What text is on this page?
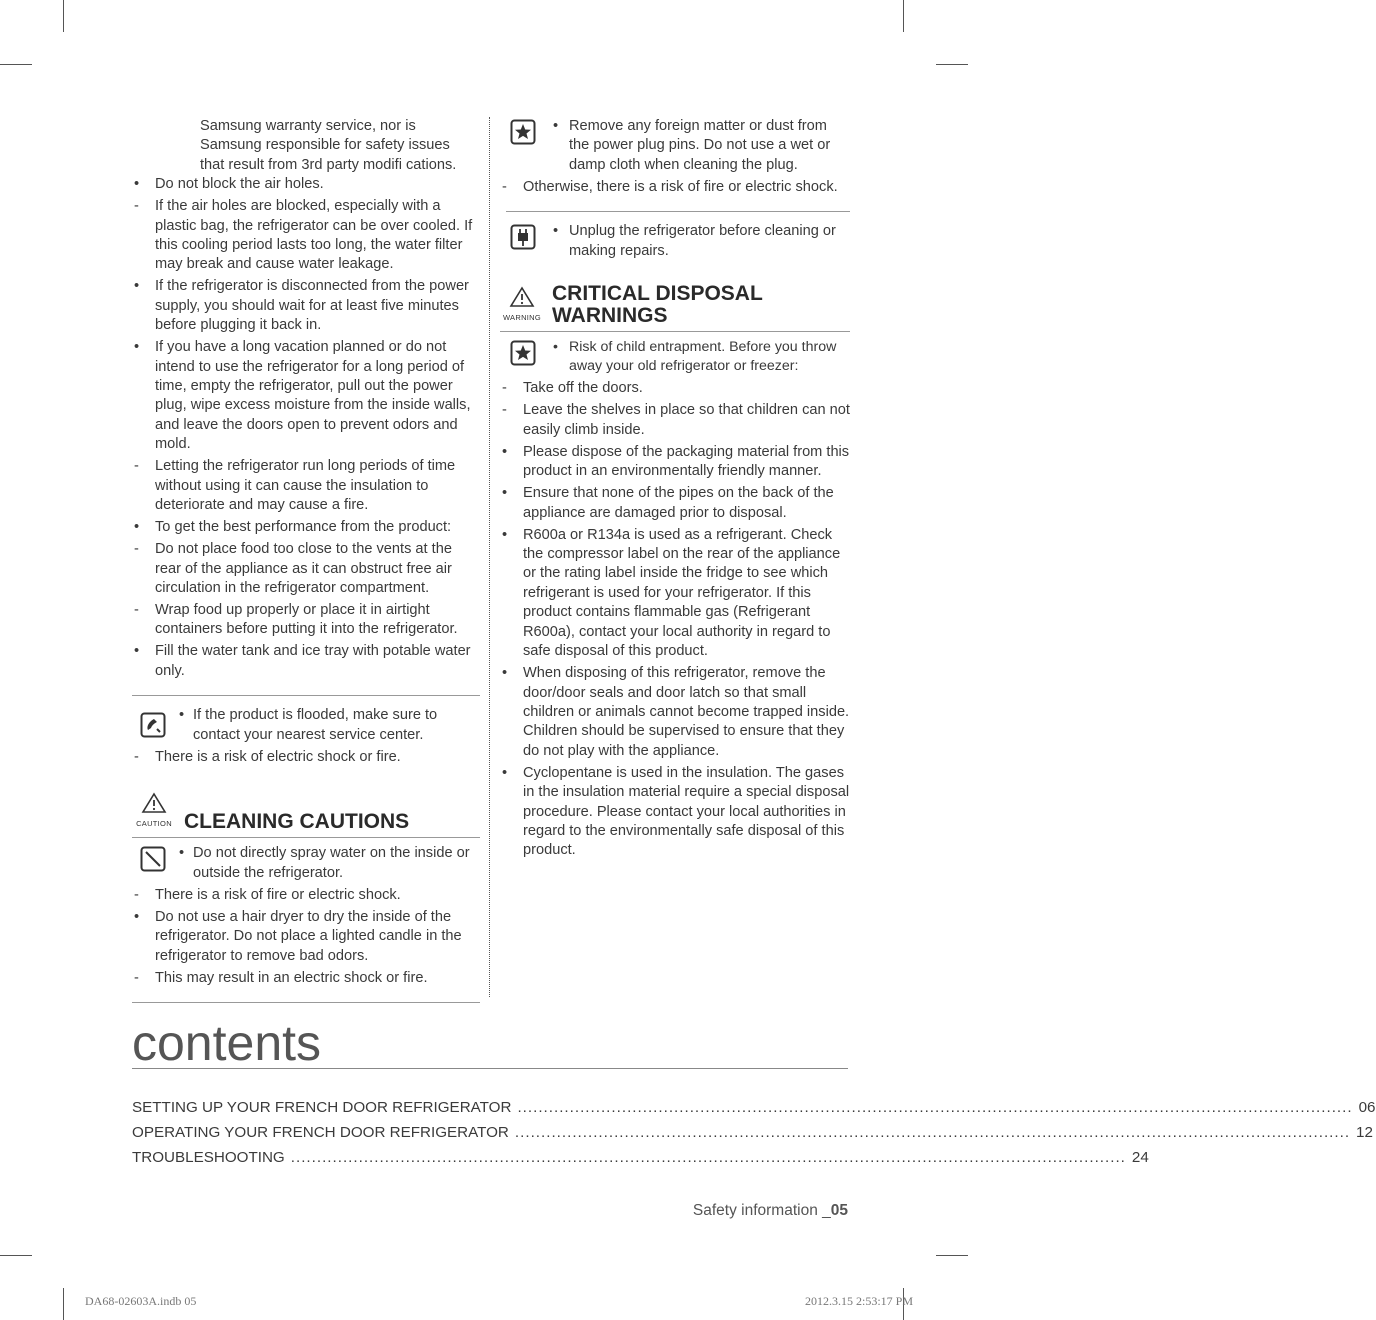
Samsung warranty service, nor is
Samsung responsible for safety issues
that result from 3rd party modifi cations.
• Do not block the air holes.
- If the air holes are blocked, especially with a plastic bag, the refrigerator can be over cooled. If this cooling period lasts too long, the water filter may break and cause water leakage.
• If the refrigerator is disconnected from the power supply, you should wait for at least five minutes before plugging it back in.
• If you have a long vacation planned or do not intend to use the refrigerator for a long period of time, empty the refrigerator, pull out the power plug, wipe excess moisture from the inside walls, and leave the doors open to prevent odors and mold.
- Letting the refrigerator run long periods of time without using it can cause the insulation to deteriorate and may cause a fire.
• To get the best performance from the product:
- Do not place food too close to the vents at the rear of the appliance as it can obstruct free air circulation in the refrigerator compartment.
- Wrap food up properly or place it in airtight containers before putting it into the refrigerator.
• Fill the water tank and ice tray with potable water only.
• If the product is flooded, make sure to contact your nearest service center.
- There is a risk of electric shock or fire.
CAUTION CLEANING CAUTIONS
• Do not directly spray water on the inside or outside the refrigerator.
- There is a risk of fire or electric shock.
• Do not use a hair dryer to dry the inside of the refrigerator. Do not place a lighted candle in the refrigerator to remove bad odors.
- This may result in an electric shock or fire.
• Remove any foreign matter or dust from the power plug pins. Do not use a wet or damp cloth when cleaning the plug.
- Otherwise, there is a risk of fire or electric shock.
• Unplug the refrigerator before cleaning or making repairs.
WARNING
CRITICAL DISPOSAL
WARNINGS
• Risk of child entrapment. Before you throw away your old refrigerator or freezer:
- Take off the doors.
- Leave the shelves in place so that children can not easily climb inside.
• Please dispose of the packaging material from this product in an environmentally friendly manner.
• Ensure that none of the pipes on the back of the appliance are damaged prior to disposal.
• R600a or R134a is used as a refrigerant. Check the compressor label on the rear of the appliance or the rating label inside the fridge to see which refrigerant is used for your refrigerator. If this product contains flammable gas (Refrigerant R600a), contact your local authority in regard to safe disposal of this product.
• When disposing of this refrigerator, remove the door/door seals and door latch so that small children or animals cannot become trapped inside. Children should be supervised to ensure that they do not play with the appliance.
• Cyclopentane is used in the insulation. The gases in the insulation material require a special disposal procedure. Please contact your local authorities in regard to the environmentally safe disposal of this product.
contents
SETTING UP YOUR FRENCH DOOR REFRIGERATOR ................................................................................................................................................................ 06
OPERATING YOUR FRENCH DOOR REFRIGERATOR ................................................................................................................................................................ 12
TROUBLESHOOTING ................................................................................................................................................................ 24
Safety information _05
DA68-02603A.indb 05	2012.3.15 2:53:17 PM
